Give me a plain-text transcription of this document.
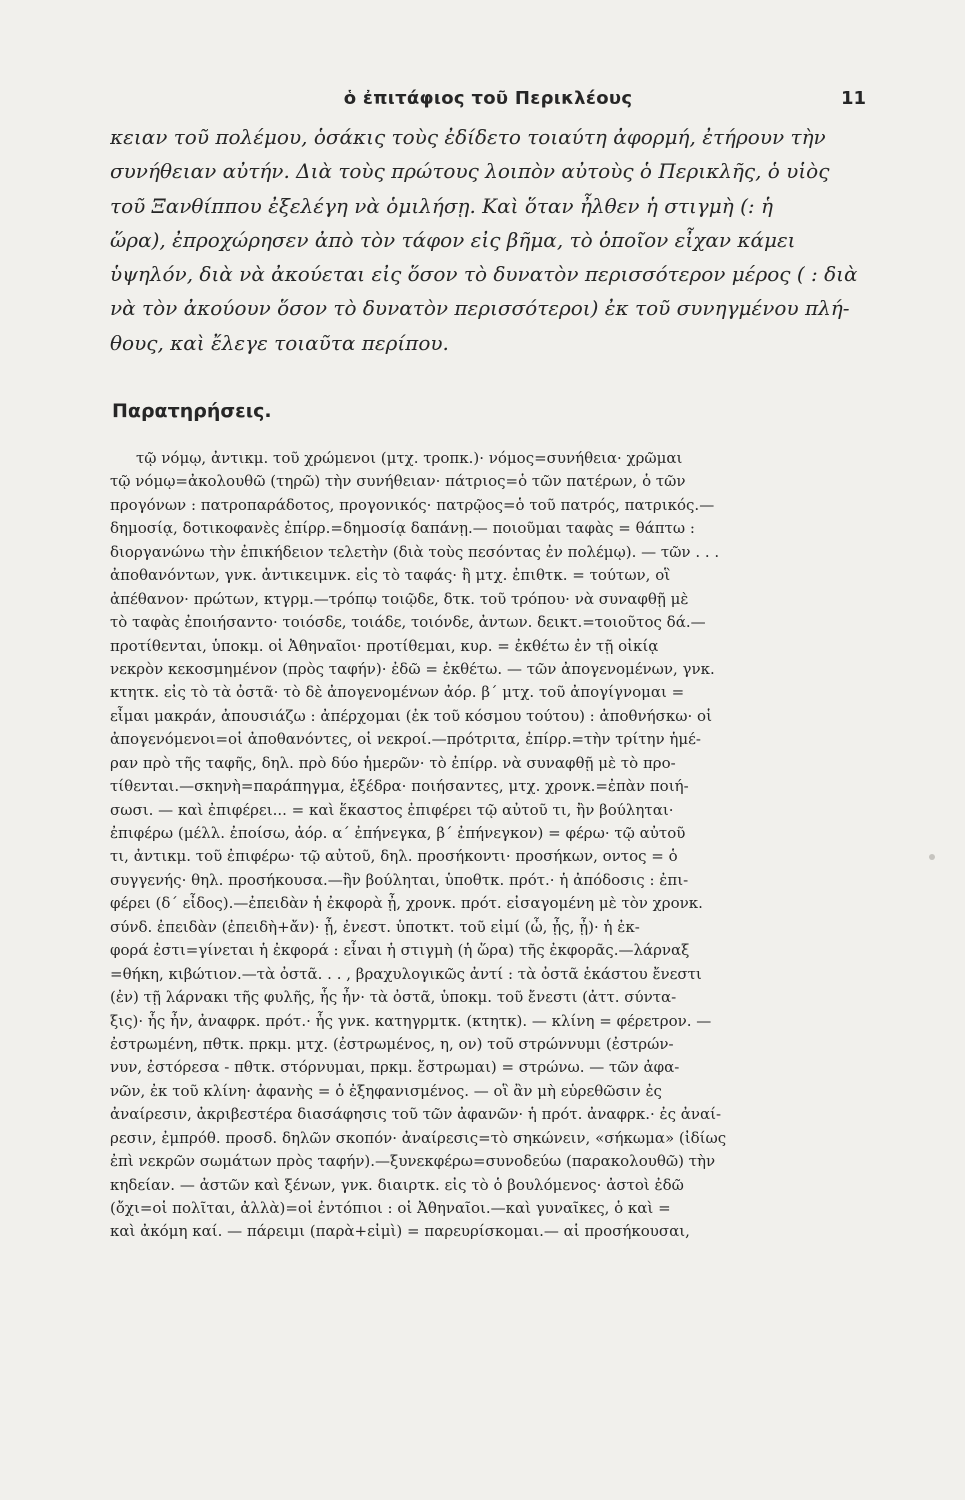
ὁ ἐπιτάφιος τοῦ Περικλέους	11
κειαν τοῦ πολέμου, ὁσάκις τοὺς ἐδίδετο τοιαύτη ἀφορμή, ἐτήρουν τὴν
συνήθειαν αὐτήν. Διὰ τοὺς πρώτους λοιπὸν αὐτοὺς ὁ Περικλῆς, ὁ υἱὸς
τοῦ Ξανθίππου ἐξελέγη νὰ ὁμιλήσῃ. Καὶ ὅταν ἦλθεν ἡ στιγμὴ (: ἡ
ὥρα), ἐπροχώρησεν ἀπὸ τὸν τάφον εἰς βῆμα, τὸ ὁποῖον εἶχαν κάμει
ὑψηλόν, διὰ νὰ ἀκούεται εἰς ὅσον τὸ δυνατὸν περισσότερον μέρος ( : διὰ
νὰ τὸν ἀκούουν ὅσον τὸ δυνατὸν περισσότεροι) ἐκ τοῦ συνηγμένου πλή-
θους, καὶ ἔλεγε τοιαῦτα περίπου.
Παρατηρήσεις.
τῷ νόμῳ, ἀντικμ. τοῦ χρώμενοι (μτχ. τροπκ.)· νόμος=συνήθεια· χρῶμαι
τῷ νόμῳ=ἀκολουθῶ (τηρῶ) τὴν συνήθειαν· πάτριος=ὁ τῶν πατέρων, ὁ τῶν
προγόνων : πατροπαράδοτος, προγονικός· πατρῷος=ὁ τοῦ πατρός, πατρικός.—
δημοσίᾳ, δοτικοφανὲς ἐπίρρ.=δημοσίᾳ δαπάνῃ.— ποιοῦμαι ταφὰς = θάπτω :
διοργανώνω τὴν ἐπικήδειον τελετὴν (διὰ τοὺς πεσόντας ἐν πολέμῳ). — τῶν . . .
ἀποθανόντων, γνκ. ἀντικειμνκ. εἰς τὸ ταφάς· ἢ μτχ. ἐπιθτκ. = τούτων, οἳ
ἀπέθανον· πρώτων, κτγρμ.—τρόπῳ τοιῷδε, δτκ. τοῦ τρόπου· νὰ συναφθῇ μὲ
τὸ ταφὰς ἐποιήσαντο· τοιόσδε, τοιάδε, τοιόνδε, ἀντων. δεικτ.=τοιοῦτος δά.—
προτίθενται, ὑποκμ. οἱ Ἀθηναῖοι· προτίθεμαι, κυρ. = ἐκθέτω ἐν τῇ οἰκίᾳ
νεκρὸν κεκοσμημένον (πρὸς ταφήν)· ἐδῶ = ἐκθέτω. — τῶν ἀπογενομένων, γνκ.
κτητκ. εἰς τὸ τὰ ὀστᾶ· τὸ δὲ ἀπογενομένων ἀόρ. β΄ μτχ. τοῦ ἀπογίγνομαι =
εἶμαι μακράν, ἀπουσιάζω : ἀπέρχομαι (ἐκ τοῦ κόσμου τούτου) : ἀποθνήσκω· οἱ
ἀπογενόμενοι=οἱ ἀποθανόντες, οἱ νεκροί.—πρότριτα, ἐπίρρ.=τὴν τρίτην ἡμέ-
ραν πρὸ τῆς ταφῆς, δηλ. πρὸ δύο ἡμερῶν· τὸ ἐπίρρ. νὰ συναφθῇ μὲ τὸ προ-
τίθενται.—σκηνὴ=παράπηγμα, ἐξέδρα· ποιήσαντες, μτχ. χρονκ.=ἐπὰν ποιή-
σωσι. — καὶ ἐπιφέρει... = καὶ ἕκαστος ἐπιφέρει τῷ αὐτοῦ τι, ἢν βούληται·
ἐπιφέρω (μέλλ. ἐποίσω, ἀόρ. α΄ ἐπήνεγκα, β΄ ἐπήνεγκον) = φέρω· τῷ αὐτοῦ
τι, ἀντικμ. τοῦ ἐπιφέρω· τῷ αὐτοῦ, δηλ. προσήκοντι· προσήκων, οντος = ὁ
συγγενής· θηλ. προσήκουσα.—ἢν βούληται, ὑποθτκ. πρότ.· ἡ ἀπόδοσις : ἐπι-
φέρει (δ΄ εἶδος).—ἐπειδὰν ἡ ἐκφορὰ ᾖ, χρονκ. πρότ. εἰσαγομένη μὲ τὸν χρονκ.
σύνδ. ἐπειδὰν (ἐπειδὴ+ἄν)· ᾖ, ἐνεστ. ὑποτκτ. τοῦ εἰμί (ὦ, ᾖς, ᾖ)· ἡ ἐκ-
φορά ἐστι=γίνεται ἡ ἐκφορά : εἶναι ἡ στιγμὴ (ἡ ὥρα) τῆς ἐκφορᾶς.—λάρναξ
=θήκη, κιβώτιον.—τὰ ὀστᾶ. . . , βραχυλογικῶς ἀντί : τὰ ὀστᾶ ἑκάστου ἔνεστι
(ἐν) τῇ λάρνακι τῆς φυλῆς, ἧς ἦν· τὰ ὀστᾶ, ὑποκμ. τοῦ ἔνεστι (ἀττ. σύντα-
ξις)· ἧς ἦν, ἀναφρκ. πρότ.· ἧς γνκ. κατηγρμτκ. (κτητκ). — κλίνη = φέρετρον. —
ἐστρωμένη, πθτκ. πρκμ. μτχ. (ἐστρωμένος, η, ον) τοῦ στρώννυμι (ἐστρών-
νυν, ἐστόρεσα - πθτκ. στόρνυμαι, πρκμ. ἔστρωμαι) = στρώνω. — τῶν ἀφα-
νῶν, ἐκ τοῦ κλίνη· ἀφανὴς = ὁ ἐξηφανισμένος. — οἳ ἂν μὴ εὑρεθῶσιν ἐς
ἀναίρεσιν, ἀκριβεστέρα διασάφησις τοῦ τῶν ἀφανῶν· ἡ πρότ. ἀναφρκ.· ἐς ἀναί-
ρεσιν, ἐμπρόθ. προσδ. δηλῶν σκοπόν· ἀναίρεσις=τὸ σηκώνειν, «σήκωμα» (ἰδίως
ἐπὶ νεκρῶν σωμάτων πρὸς ταφήν).—ξυνεκφέρω=συνοδεύω (παρακολουθῶ) τὴν
κηδείαν. — ἀστῶν καὶ ξένων, γνκ. διαιρτκ. εἰς τὸ ὁ βουλόμενος· ἀστοὶ ἐδῶ
(ὄχι=οἱ πολῖται, ἀλλὰ)=οἱ ἐντόπιοι : οἱ Ἀθηναῖοι.—καὶ γυναῖκες, ὁ καὶ =
καὶ ἀκόμη καί. — πάρειμι (παρὰ+εἰμὶ) = παρευρίσκομαι.— αἱ προσήκουσαι,
